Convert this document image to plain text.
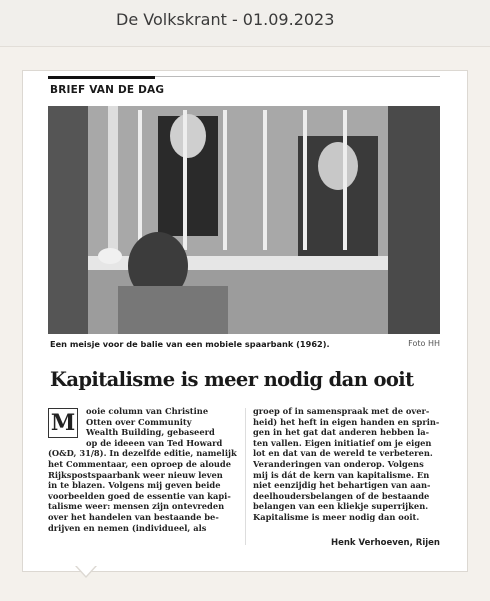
De Volkskrant - 01.09.2023
BRIEF VAN DE DAG
Een meisje voor de balie van een mobiele spaarbank (1962).	Foto HH
Kapitalisme is meer nodig dan ooit
M	ooie column van Christine
Otten over Community
Wealth Building, gebaseerd
op de ideeen van Ted Howard
(O&D, 31/8). In dezelfde editie, namelijk
het Commentaar, een oproep de aloude
Rijkspostspaarbank weer nieuw leven
in te blazen. Volgens mij geven beide
voorbeelden goed de essentie van kapi-
talisme weer: mensen zijn ontevreden
over het handelen van bestaande be-
drijven en nemen (individueel, als
groep of in samenspraak met de over-
heid) het heft in eigen handen en sprin-
gen in het gat dat anderen hebben la-
ten vallen. Eigen initiatief om je eigen
lot en dat van de wereld te verbeteren.
Veranderingen van onderop. Volgens
mij is dát de kern van kapitalisme. En
niet eenzijdig het behartigen van aan-
deelhoudersbelangen of de bestaande
belangen van een kliekje superrijken.
Kapitalisme is meer nodig dan ooit.
Henk Verhoeven, Rijen
